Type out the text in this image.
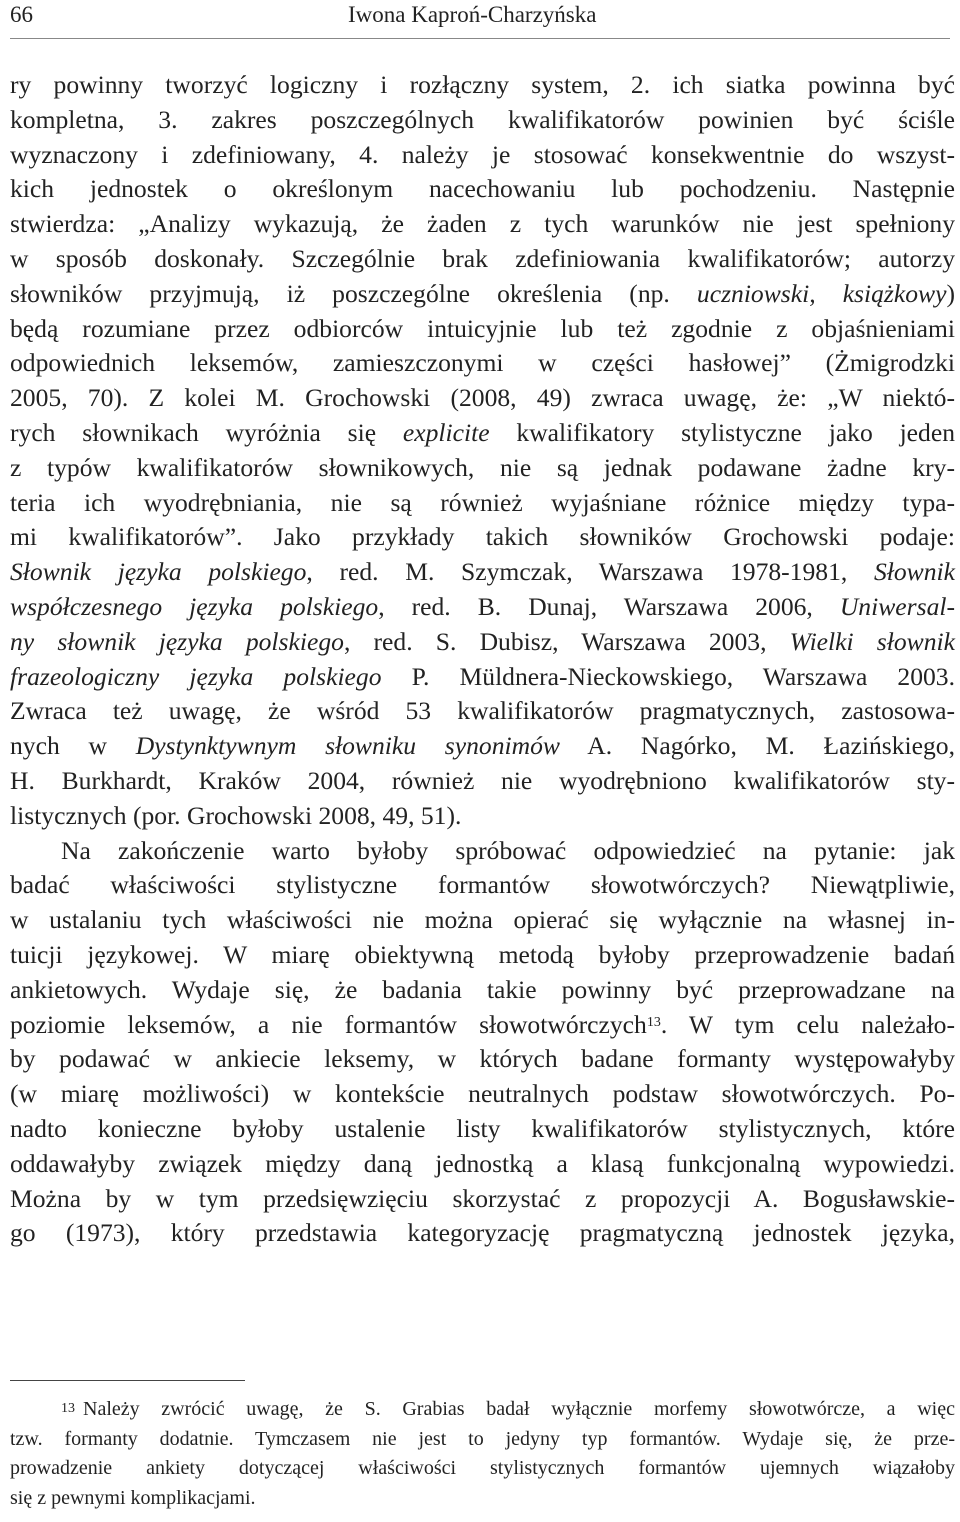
66	Iwona Kaproń-Charzyńska
ry powinny tworzyć logiczny i rozłączny system, 2. ich siatka powinna być
kompletna, 3. zakres poszczególnych kwalifikatorów powinien być ściśle
wyznaczony i zdefiniowany, 4. należy je stosować konsekwentnie do wszyst-
kich jednostek o określonym nacechowaniu lub pochodzeniu. Następnie
stwierdza: „Analizy wykazują, że żaden z tych warunków nie jest spełniony
w sposób doskonały. Szczególnie brak zdefiniowania kwalifikatorów; autorzy
słowników przyjmują, iż poszczególne określenia (np. uczniowski, książkowy)
będą rozumiane przez odbiorców intuicyjnie lub też zgodnie z objaśnieniami
odpowiednich leksemów, zamieszczonymi w części hasłowej” (Żmigrodzki
2005, 70). Z kolei M. Grochowski (2008, 49) zwraca uwagę, że: „W niektó-
rych słownikach wyróżnia się explicite kwalifikatory stylistyczne jako jeden
z typów kwalifikatorów słownikowych, nie są jednak podawane żadne kry-
teria ich wyodrębniania, nie są również wyjaśniane różnice między typa-
mi kwalifikatorów”. Jako przykłady takich słowników Grochowski podaje:
Słownik języka polskiego, red. M. Szymczak, Warszawa 1978-1981, Słownik
współczesnego języka polskiego, red. B. Dunaj, Warszawa 2006, Uniwersal-
ny słownik języka polskiego, red. S. Dubisz, Warszawa 2003, Wielki słownik
frazeologiczny języka polskiego P. Müldnera-Nieckowskiego, Warszawa 2003.
Zwraca też uwagę, że wśród 53 kwalifikatorów pragmatycznych, zastosowa-
nych w Dystynktywnym słowniku synonimów A. Nagórko, M. Łazińskiego,
H. Burkhardt, Kraków 2004, również nie wyodrębniono kwalifikatorów sty-
listycznych (por. Grochowski 2008, 49, 51).
Na zakończenie warto byłoby spróbować odpowiedzieć na pytanie: jak
badać właściwości stylistyczne formantów słowotwórczych? Niewątpliwie,
w ustalaniu tych właściwości nie można opierać się wyłącznie na własnej in-
tuicji językowej. W miarę obiektywną metodą byłoby przeprowadzenie badań
ankietowych. Wydaje się, że badania takie powinny być przeprowadzane na
poziomie leksemów, a nie formantów słowotwórczych$^{13}$. W tym celu należało-
by podawać w ankiecie leksemy, w których badane formanty występowałyby
(w miarę możliwości) w kontekście neutralnych podstaw słowotwórczych. Po-
nadto konieczne byłoby ustalenie listy kwalifikatorów stylistycznych, które
oddawałyby związek między daną jednostką a klasą funkcjonalną wypowiedzi.
Można by w tym przedsięwzięciu skorzystać z propozycji A. Bogusławskie-
go (1973), który przedstawia kategoryzację pragmatyczną jednostek języka,
$^{13}$ Należy zwrócić uwagę, że S. Grabias badał wyłącznie morfemy słowotwórcze, a więc
tzw. formanty dodatnie. Tymczasem nie jest to jedyny typ formantów. Wydaje się, że prze-
prowadzenie ankiety dotyczącej właściwości stylistycznych formantów ujemnych wiązałoby
się z pewnymi komplikacjami.
